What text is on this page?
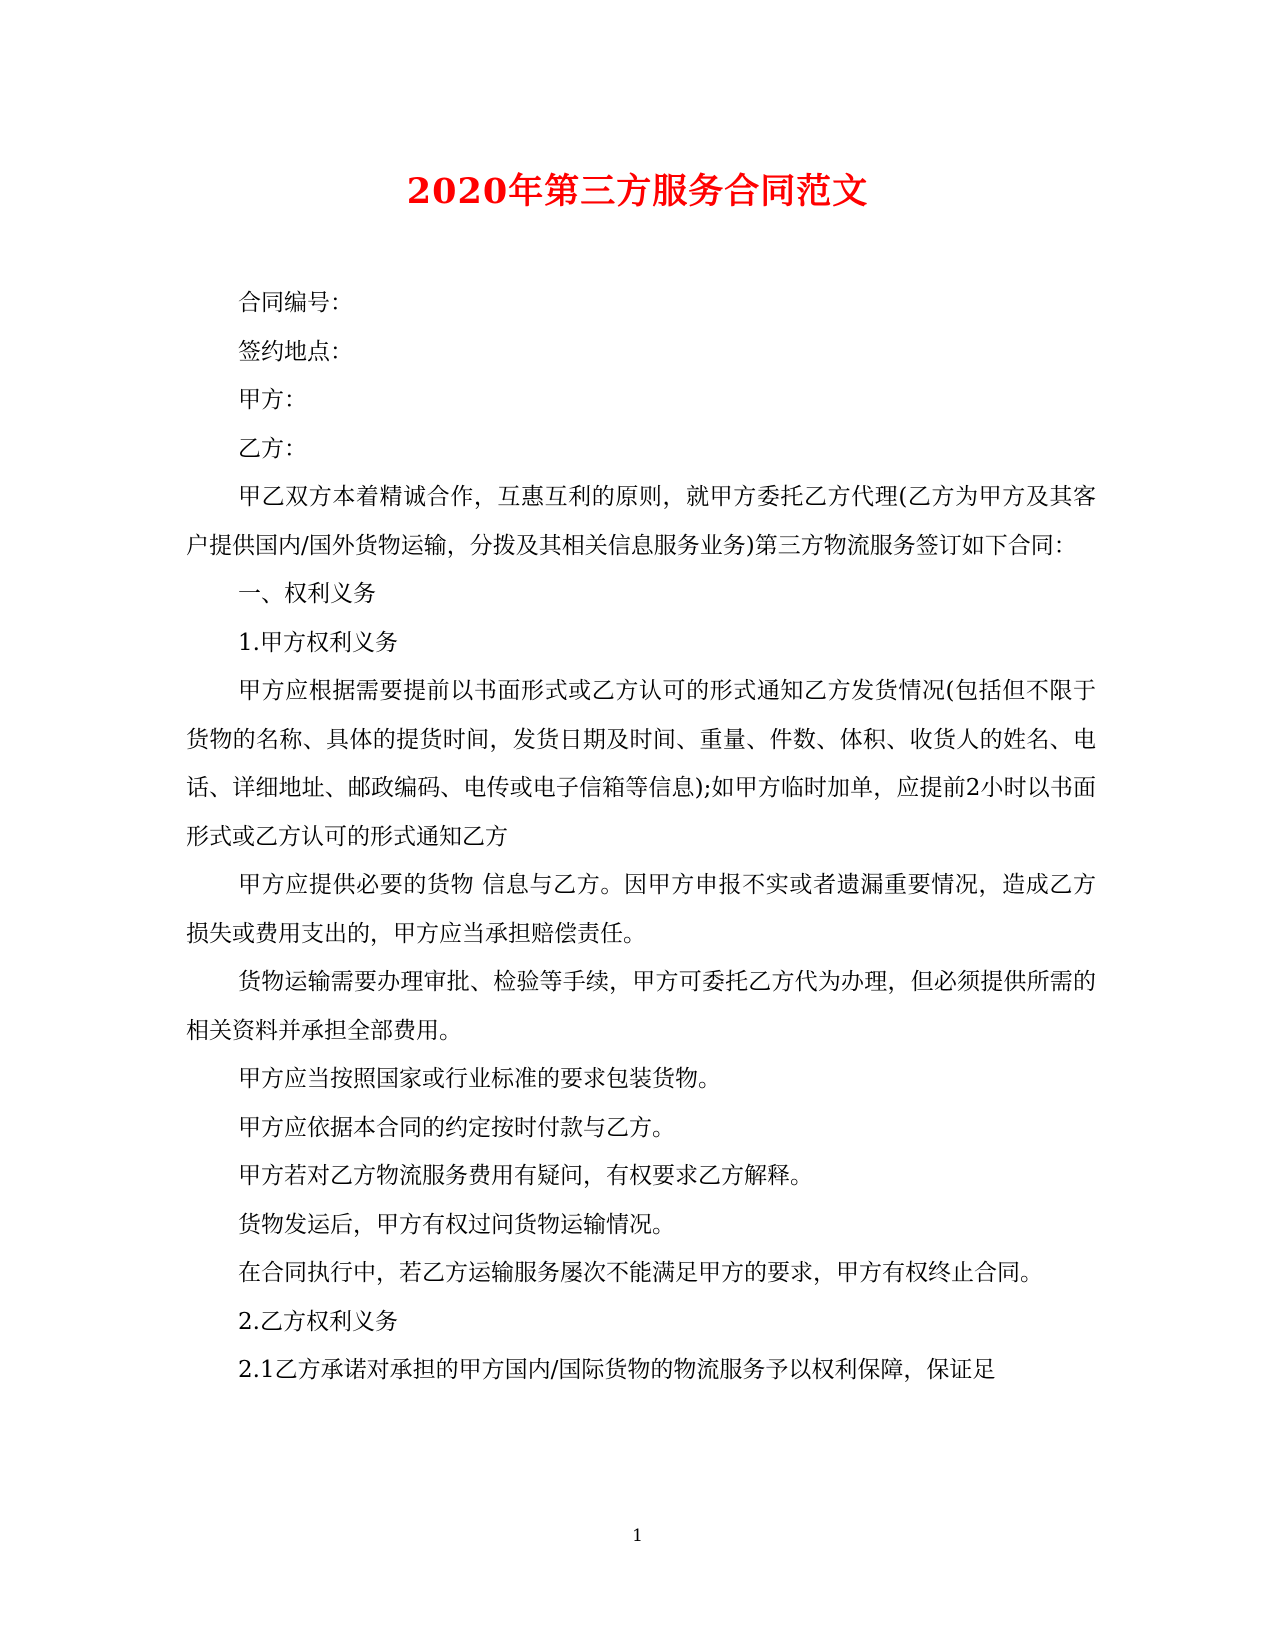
2020年第三方服务合同范文

合同编号：

签约地点：

甲方：

乙方：

甲乙双方本着精诚合作，互惠互利的原则，就甲方委托乙方代理(乙方为甲方及其客户提供国内/国外货物运输，分拨及其相关信息服务业务)第三方物流服务签订如下合同：

一、权利义务

1.甲方权利义务

甲方应根据需要提前以书面形式或乙方认可的形式通知乙方发货情况(包括但不限于货物的名称、具体的提货时间，发货日期及时间、重量、件数、体积、收货人的姓名、电话、详细地址、邮政编码、电传或电子信箱等信息);如甲方临时加单，应提前2小时以书面形式或乙方认可的形式通知乙方

甲方应提供必要的货物 信息与乙方。因甲方申报不实或者遗漏重要情况，造成乙方损失或费用支出的，甲方应当承担赔偿责任。

货物运输需要办理审批、检验等手续，甲方可委托乙方代为办理，但必须提供所需的相关资料并承担全部费用。

甲方应当按照国家或行业标准的要求包装货物。

甲方应依据本合同的约定按时付款与乙方。

甲方若对乙方物流服务费用有疑问，有权要求乙方解释。

货物发运后，甲方有权过问货物运输情况。

在合同执行中，若乙方运输服务屡次不能满足甲方的要求，甲方有权终止合同。

2.乙方权利义务

2.1乙方承诺对承担的甲方国内/国际货物的物流服务予以权利保障，保证足

1
